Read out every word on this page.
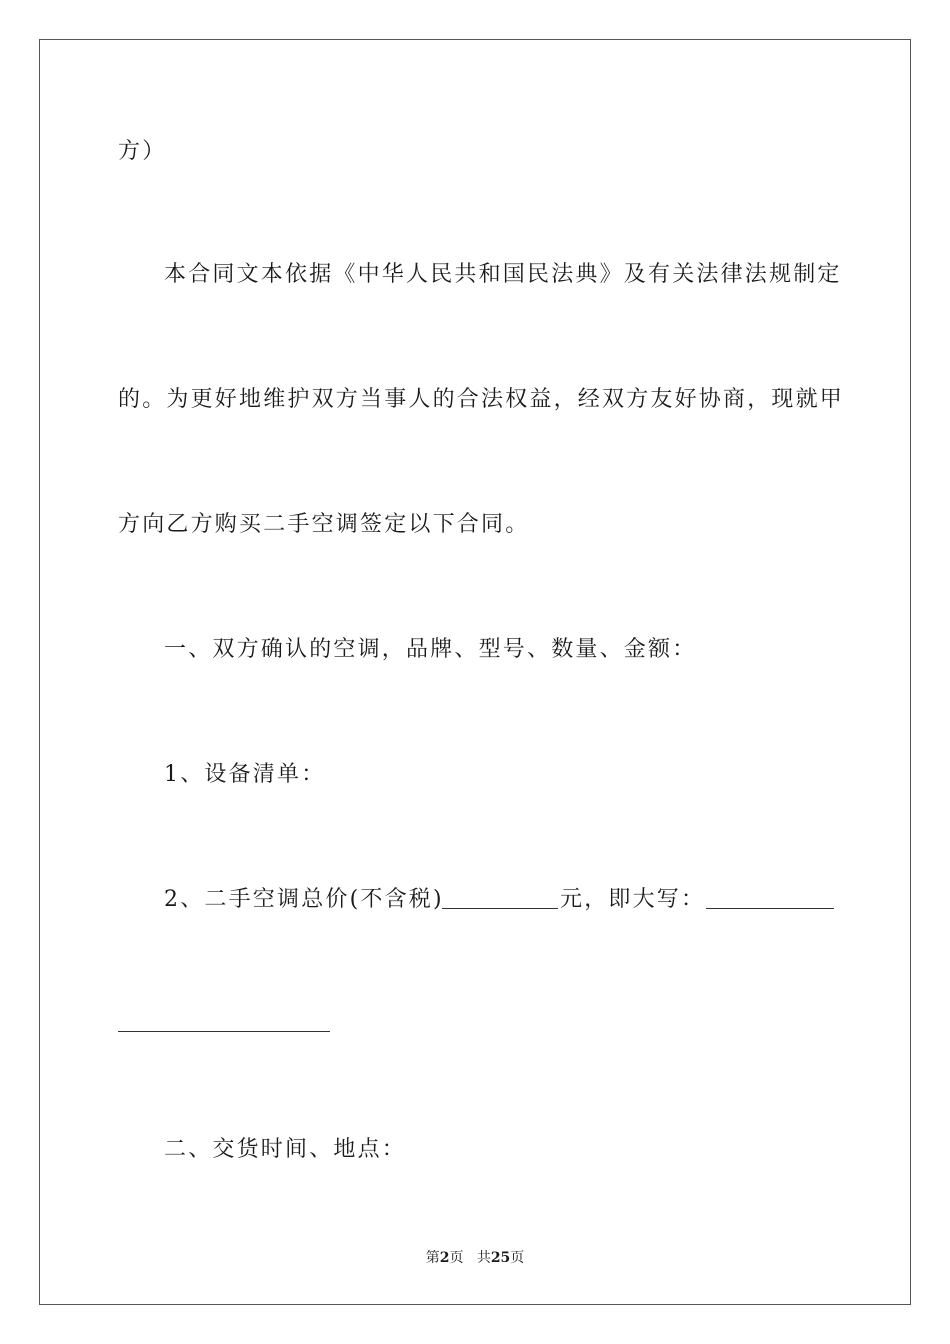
方）
本合同文本依据《中华人民共和国民法典》及有关法律法规制定
的。为更好地维护双方当事人的合法权益，经双方友好协商，现就甲
方向乙方购买二手空调签定以下合同。
一、双方确认的空调，品牌、型号、数量、金额：
1、设备清单：
2、二手空调总价(不含税)	元，即大写：
二、交货时间、地点：
第2页 共25页
